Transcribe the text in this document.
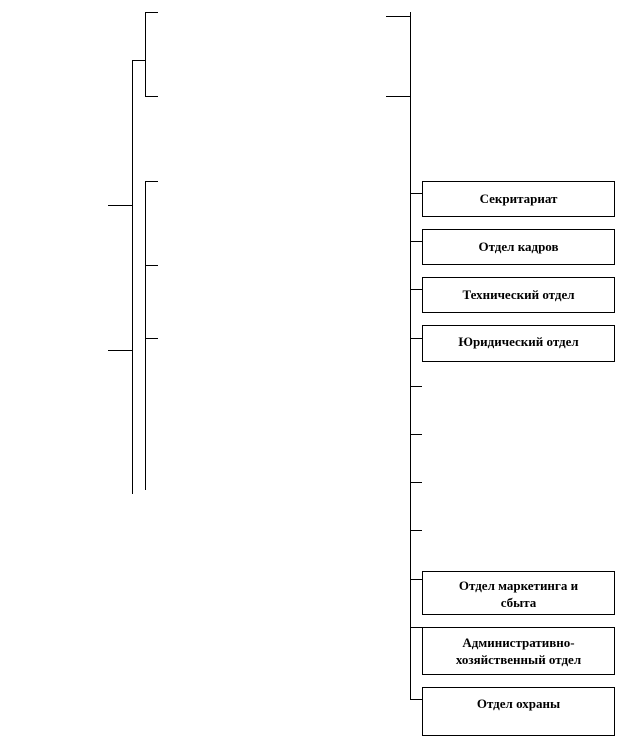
Секритариат
Отдел кадров
Технический отдел
Юридический отдел
Отдел маркетинга и сбыта
Административно-хозяйственный отдел
Отдел охраны
